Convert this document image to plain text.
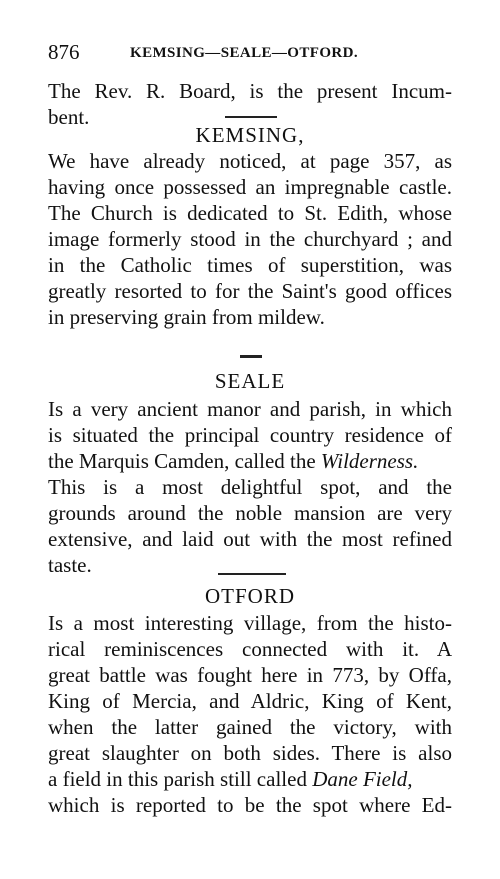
876	KEMSING—SEALE—OTFORD.
The Rev. R. Board, is the present Incum-
bent.
KEMSING,
We have already noticed, at page 357, as
having once possessed an impregnable castle.
The Church is dedicated to St. Edith, whose
image formerly stood in the churchyard ; and
in the Catholic times of superstition, was
greatly resorted to for the Saint's good offices
in preserving grain from mildew.
SEALE
Is a very ancient manor and parish, in which
is situated the principal country residence of
the Marquis Camden, called the Wilderness.
This is a most delightful spot, and the
grounds around the noble mansion are very
extensive, and laid out with the most refined
taste.
OTFORD
Is a most interesting village, from the histo-
rical reminiscences connected with it. A
great battle was fought here in 773, by Offa,
King of Mercia, and Aldric, King of Kent,
when the latter gained the victory, with
great slaughter on both sides. There is also
a field in this parish still called Dane Field,
which is reported to be the spot where Ed-
